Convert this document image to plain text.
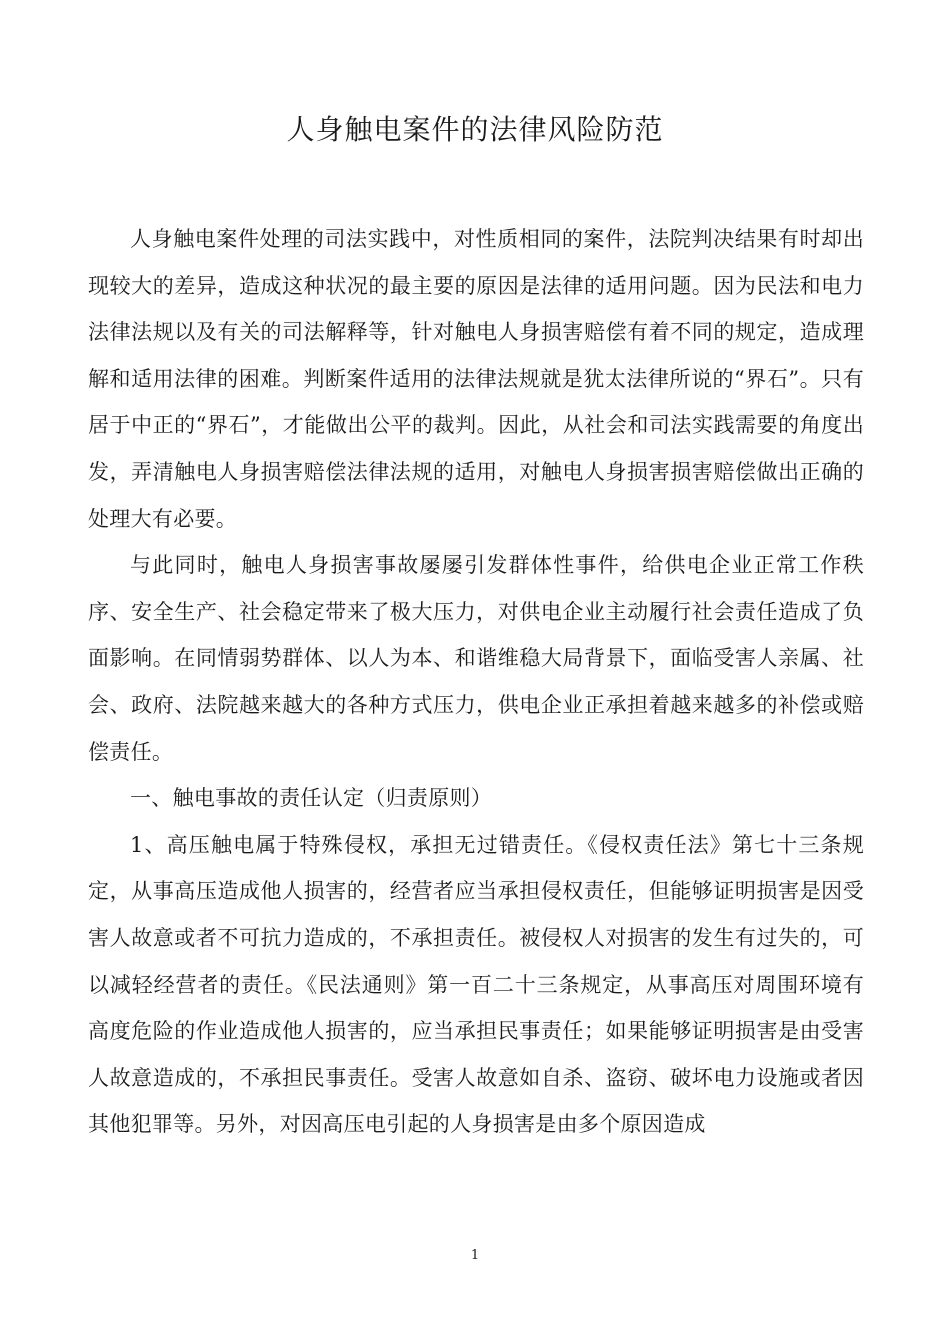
人身触电案件的法律风险防范

人身触电案件处理的司法实践中，对性质相同的案件，法院判决结果有时却出现较大的差异，造成这种状况的最主要的原因是法律的适用问题。因为民法和电力法律法规以及有关的司法解释等，针对触电人身损害赔偿有着不同的规定，造成理解和适用法律的困难。判断案件适用的法律法规就是犹太法律所说的“界石”。只有居于中正的“界石”，才能做出公平的裁判。因此，从社会和司法实践需要的角度出发，弄清触电人身损害赔偿法律法规的适用，对触电人身损害损害赔偿做出正确的处理大有必要。

与此同时，触电人身损害事故屡屡引发群体性事件，给供电企业正常工作秩序、安全生产、社会稳定带来了极大压力，对供电企业主动履行社会责任造成了负面影响。在同情弱势群体、以人为本、和谐维稳大局背景下，面临受害人亲属、社会、政府、法院越来越大的各种方式压力，供电企业正承担着越来越多的补偿或赔偿责任。

一、触电事故的责任认定（归责原则）

1、高压触电属于特殊侵权，承担无过错责任。《侵权责任法》第七十三条规定，从事高压造成他人损害的，经营者应当承担侵权责任，但能够证明损害是因受害人故意或者不可抗力造成的，不承担责任。被侵权人对损害的发生有过失的，可以减轻经营者的责任。《民法通则》第一百二十三条规定，从事高压对周围环境有高度危险的作业造成他人损害的，应当承担民事责任；如果能够证明损害是由受害人故意造成的，不承担民事责任。受害人故意如自杀、盗窃、破坏电力设施或者因其他犯罪等。另外，对因高压电引起的人身损害是由多个原因造成

1
